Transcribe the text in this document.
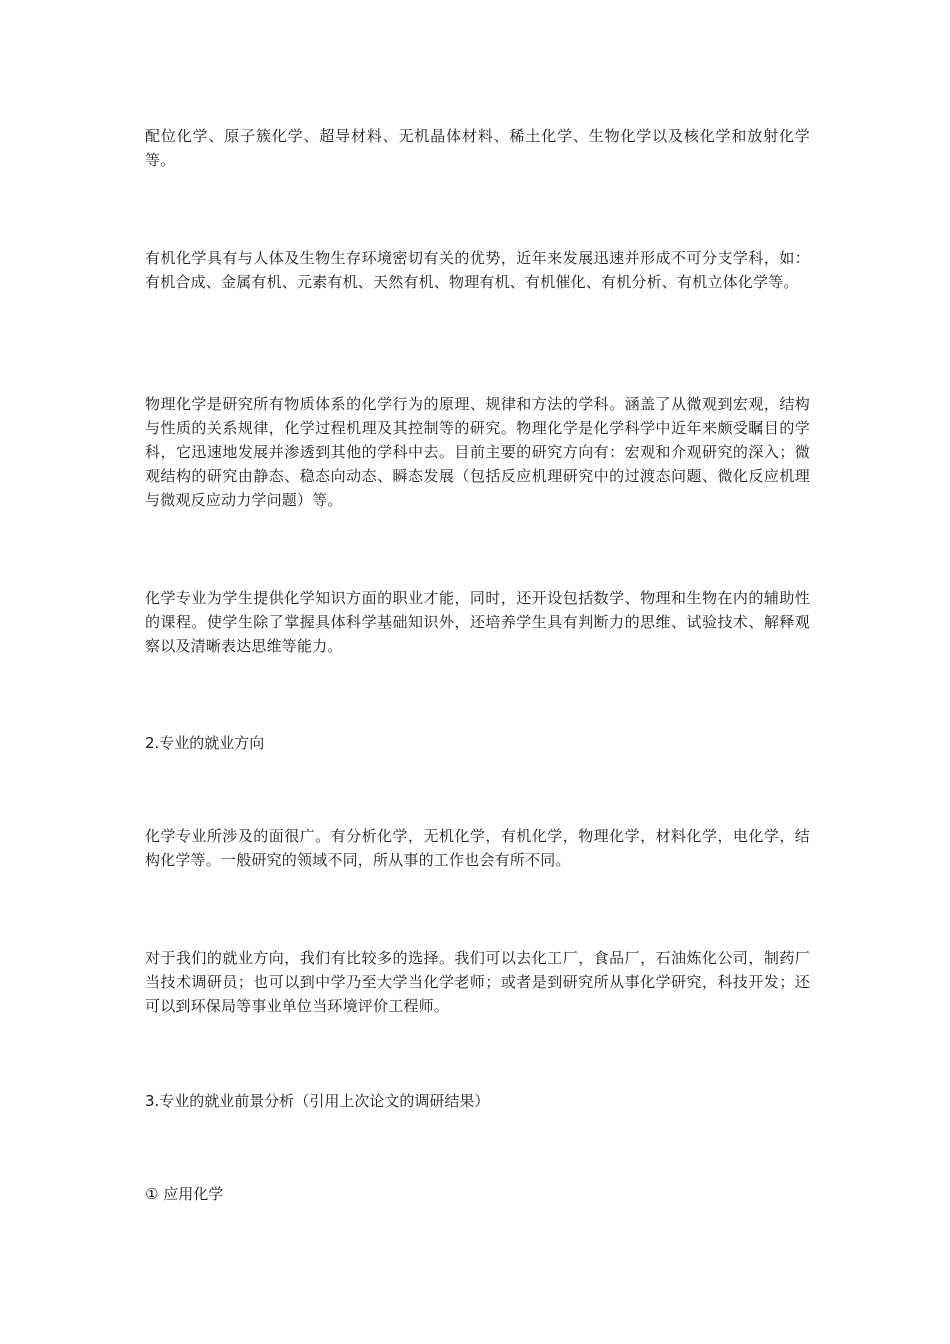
配位化学、原子簇化学、超导材料、无机晶体材料、稀土化学、生物化学以及核化学和放射化学等。

有机化学具有与人体及生物生存环境密切有关的优势，近年来发展迅速并形成不可分支学科，如：有机合成、金属有机、元素有机、天然有机、物理有机、有机催化、有机分析、有机立体化学等。

物理化学是研究所有物质体系的化学行为的原理、规律和方法的学科。涵盖了从微观到宏观，结构与性质的关系规律，化学过程机理及其控制等的研究。物理化学是化学科学中近年来颇受瞩目的学科，它迅速地发展并渗透到其他的学科中去。目前主要的研究方向有：宏观和介观研究的深入；微观结构的研究由静态、稳态向动态、瞬态发展（包括反应机理研究中的过渡态问题、微化反应机理与微观反应动力学问题）等。

化学专业为学生提供化学知识方面的职业才能，同时，还开设包括数学、物理和生物在内的辅助性的课程。使学生除了掌握具体科学基础知识外，还培养学生具有判断力的思维、试验技术、解释观察以及清晰表达思维等能力。

2.专业的就业方向

化学专业所涉及的面很广。有分析化学，无机化学，有机化学，物理化学，材料化学，电化学，结构化学等。一般研究的领域不同，所从事的工作也会有所不同。

对于我们的就业方向，我们有比较多的选择。我们可以去化工厂，食品厂，石油炼化公司，制药厂当技术调研员；也可以到中学乃至大学当化学老师；或者是到研究所从事化学研究，科技开发；还可以到环保局等事业单位当环境评价工程师。

3.专业的就业前景分析（引用上次论文的调研结果）

① 应用化学
